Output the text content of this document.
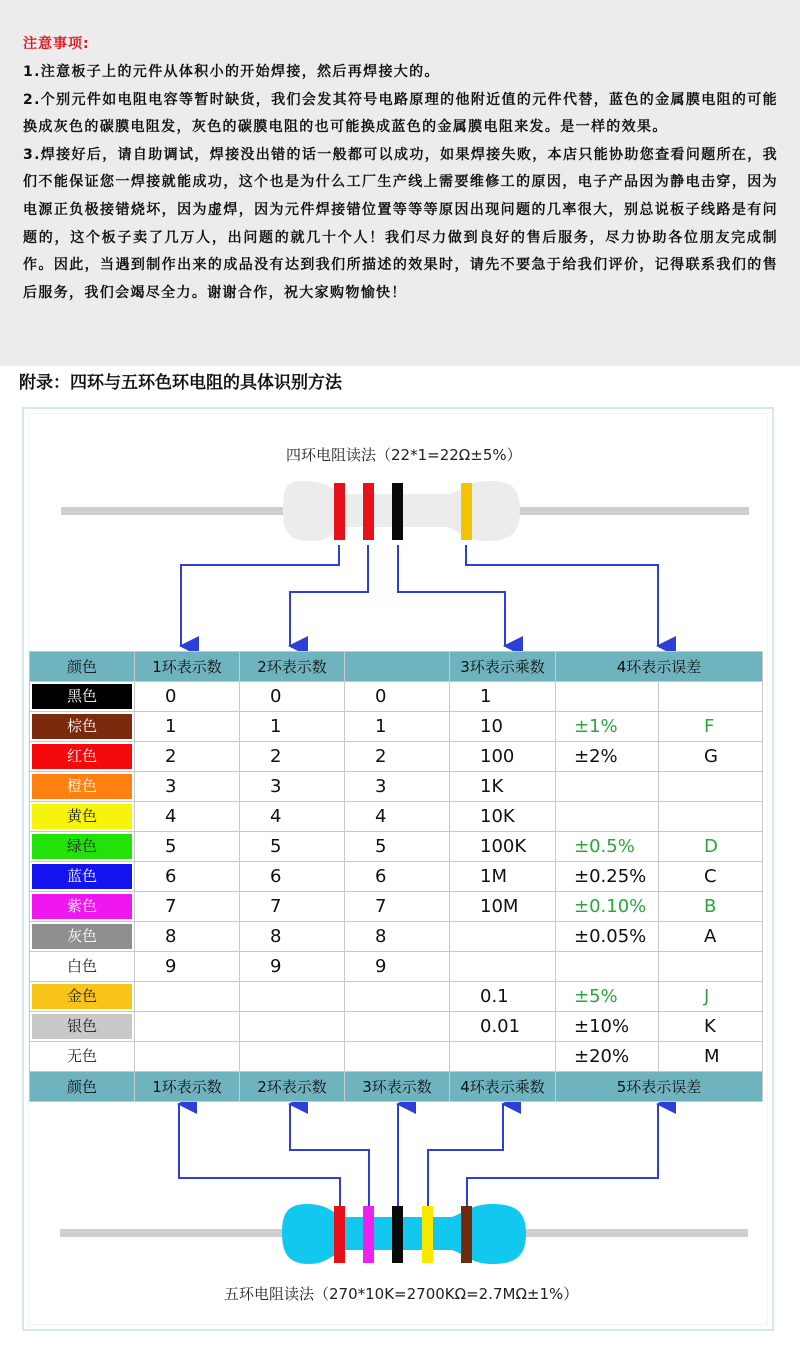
注意事项:

1.注意板子上的元件从体积小的开始焊接，然后再焊接大的。

2.个别元件如电阻电容等暂时缺货，我们会发其符号电路原理的他附近值的元件代替，蓝色的金属膜电阻的可能换成灰色的碳膜电阻发，灰色的碳膜电阻的也可能换成蓝色的金属膜电阻来发。是一样的效果。

3.焊接好后，请自助调试，焊接没出错的话一般都可以成功，如果焊接失败，本店只能协助您查看问题所在，我们不能保证您一焊接就能成功，这个也是为什么工厂生产线上需要维修工的原因，电子产品因为静电击穿，因为电源正负极接错烧坏，因为虚焊，因为元件焊接错位置等等等原因出现问题的几率很大，别总说板子线路是有问题的，这个板子卖了几万人，出问题的就几十个人！我们尽力做到良好的售后服务，尽力协助各位朋友完成制作。因此，当遇到制作出来的成品没有达到我们所描述的效果时，请先不要急于给我们评价，记得联系我们的售后服务，我们会竭尽全力。谢谢合作，祝大家购物愉快！

附录：四环与五环色环电阻的具体识别方法
四环电阻读法（22*1=22Ω±5%）
颜色	1环表示数	2环表示数		3环表示乘数	4环表示误差	

黑色	0	0	0	1		

棕色	1	1	1	10	±1%	F

红色	2	2	2	100	±2%	G

橙色	3	3	3	1K		

黄色	4	4	4	10K		

绿色	5	5	5	100K	±0.5%	D

蓝色	6	6	6	1M	±0.25%	C

紫色	7	7	7	10M	±0.10%	B

灰色	8	8	8		±0.05%	A

白色	9	9	9			

金色				0.1	±5%	J

银色				0.01	±10%	K

无色					±20%	M
颜色	1环表示数	2环表示数	3环表示数	4环表示乘数	5环表示误差	
五环电阻读法（270*10K=2700KΩ=2.7MΩ±1%）
